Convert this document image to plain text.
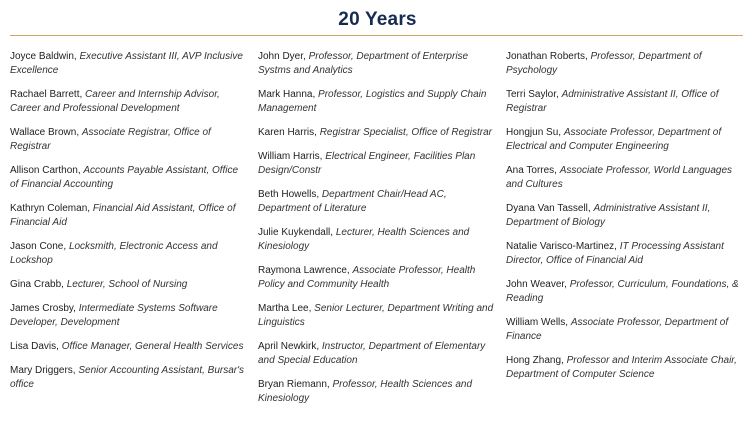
20 Years
Joyce Baldwin, Executive Assistant III, AVP Inclusive Excellence
Rachael Barrett, Career and Internship Advisor, Career and Professional Development
Wallace Brown, Associate Registrar, Office of Registrar
Allison Carthon, Accounts Payable Assistant, Office of Financial Accounting
Kathryn Coleman, Financial Aid Assistant, Office of Financial Aid
Jason Cone, Locksmith, Electronic Access and Lockshop
Gina Crabb, Lecturer, School of Nursing
James Crosby, Intermediate Systems Software Developer, Development
Lisa Davis, Office Manager, General Health Services
Mary Driggers, Senior Accounting Assistant, Bursar's office
John Dyer, Professor, Department of Enterprise Systms and Analytics
Mark Hanna, Professor, Logistics and Supply Chain Management
Karen Harris, Registrar Specialist, Office of Registrar
William Harris, Electrical Engineer, Facilities Plan Design/Constr
Beth Howells, Department Chair/Head AC, Department of Literature
Julie Kuykendall, Lecturer, Health Sciences and Kinesiology
Raymona Lawrence, Associate Professor, Health Policy and Community Health
Martha Lee, Senior Lecturer, Department Writing and Linguistics
April Newkirk, Instructor, Department of Elementary and Special Education
Bryan Riemann, Professor, Health Sciences and Kinesiology
Jonathan Roberts, Professor, Department of Psychology
Terri Saylor, Administrative Assistant II, Office of Registrar
Hongjun Su, Associate Professor, Department of Electrical and Computer Engineering
Ana Torres, Associate Professor, World Languages and Cultures
Dyana Van Tassell, Administrative Assistant II, Department of Biology
Natalie Varisco-Martinez, IT Processing Assistant Director, Office of Financial Aid
John Weaver, Professor, Curriculum, Foundations, & Reading
William Wells, Associate Professor, Department of Finance
Hong Zhang, Professor and Interim Associate Chair, Department of Computer Science
